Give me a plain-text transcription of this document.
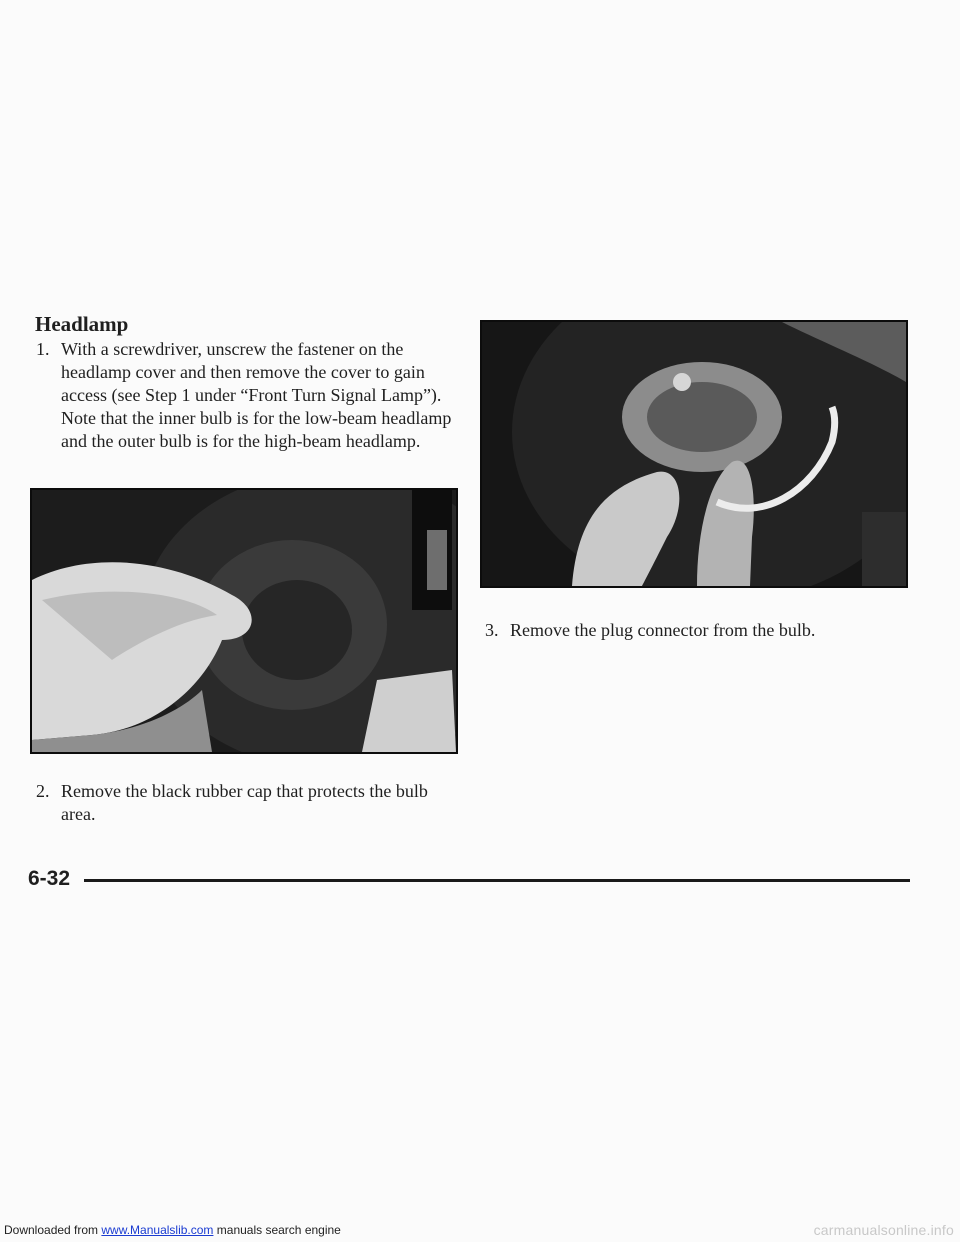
Headlamp
1. With a screwdriver, unscrew the fastener on the headlamp cover and then remove the cover to gain access (see Step 1 under “Front Turn Signal Lamp”). Note that the inner bulb is for the low-beam headlamp and the outer bulb is for the high-beam headlamp.
2. Remove the black rubber cap that protects the bulb area.
3. Remove the plug connector from the bulb.
6-32
Downloaded from www.Manualslib.com manuals search engine	carmanualsonline.info
